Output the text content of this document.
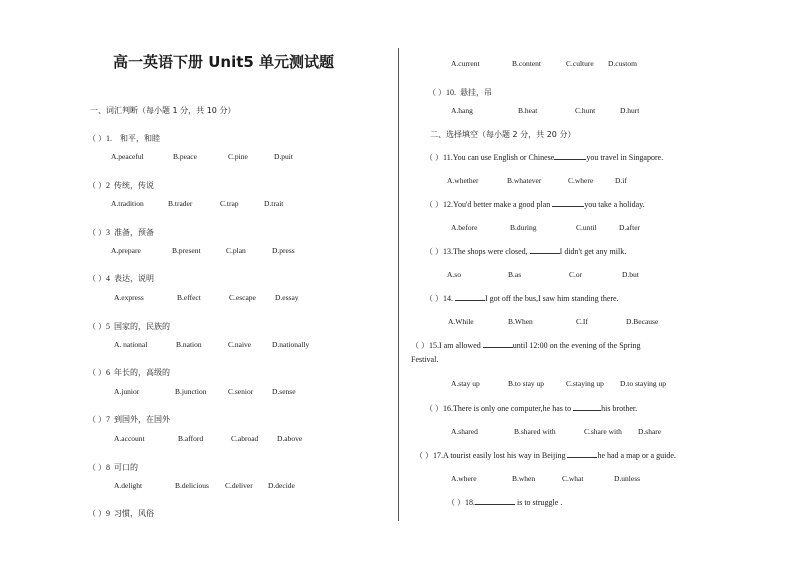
高一英语下册 Unit5 单元测试题
一、词汇判断（每小题 1 分，共 10 分）
（ ）1. 和平，和睦
A.peaceful	B.peace	C.pine	D.puit
（ ）2 传统，传说
A.tradition	B.trader	C.trap	D.trait
（ ）3 准备，预备
A.prepare	B.present	C.plan	D.press
（ ）4 表达，说明
A.express	B.effect	C.escape	D.essay
（ ）5 国家的，民族的
A. national	B.nation	C.naive	D.nationally
（ ）6 年长的，高级的
A.junior	B.junction	C.senior	D.sense
（ ）7 到国外，在国外
A.account	B.afford	C.abroad D.above
（ ）8 可口的
A.delight	B.delicious C.deliver D.decide
（ ）9 习惯，风俗
A.current	B.content	C.culture D.custom
（ ）10. 悬挂，吊
A.hang	B.heat	C.hunt	D.hurt
二、选择填空（每小题 2 分，共 20 分）
（ ）11.You can use English or Chinese	you travel in Singapore.
A.whether	B.whatever	C.where	D.if
（ ）12.You'd better make a good plan	you take a holiday.
A.before	B.during	C.until	D.after
（ ）13.The shops were closed,	I didn't get any milk.
A.so	B.as	C.or	D.but
（ ）14.	I got off the bus,I saw him standing there.
A.While	B.When	C.If	D.Because
（ ）15.I am allowed	until 12:00 on the evening of the Spring
Festival.
A.stay up	B.to stay up	C.staying up D.to staying up
（ ）16.There is only one computer,he has to	his brother.
A.shared	B.shared with	C.share with D.share
（ ）17.A tourist easily lost his way in Beijing	he had a map or a guide.
A.where	B.when	C.what	D.unless
（ ）18.	is to struggle .
